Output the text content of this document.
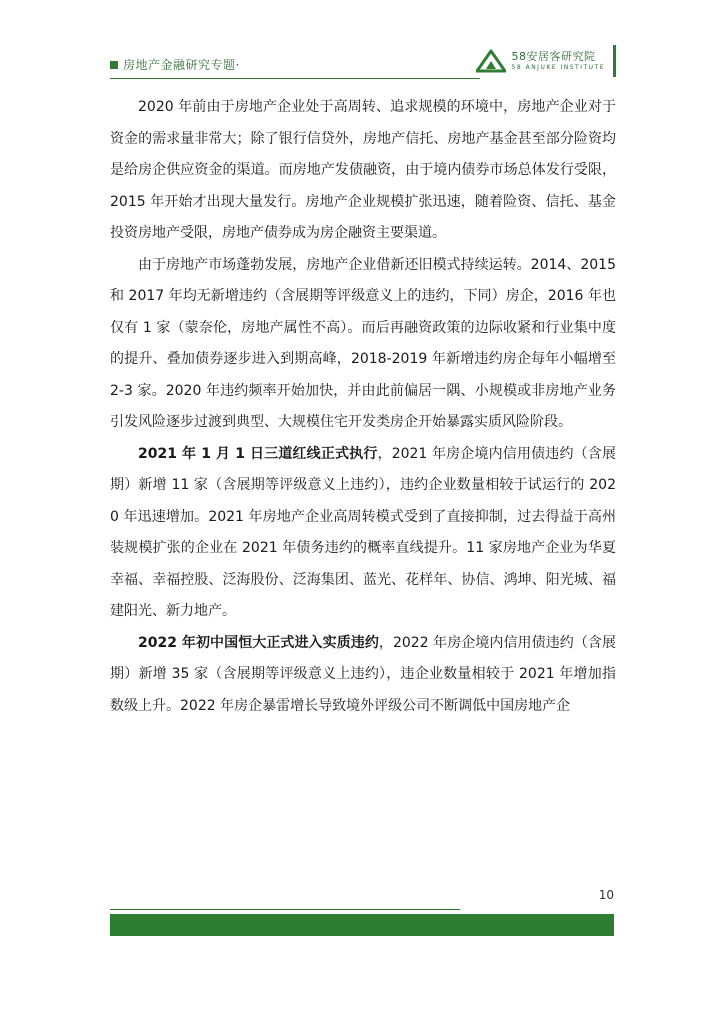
房地产金融研究专题·
58安居客研究院
58 ANJUKE INSTITUTE

2020 年前由于房地产企业处于高周转、追求规模的环境中，房地产企业对于资金的需求量非常大；除了银行信贷外，房地产信托、房地产基金甚至部分险资均是给房企供应资金的渠道。而房地产发债融资，由于境内债券市场总体发行受限，2015 年开始才出现大量发行。房地产企业规模扩张迅速，随着险资、信托、基金投资房地产受限，房地产债券成为房企融资主要渠道。

由于房地产市场蓬勃发展，房地产企业借新还旧模式持续运转。2014、2015 和 2017 年均无新增违约（含展期等评级意义上的违约，下同）房企，2016 年也仅有 1 家（蒙奈伦，房地产属性不高）。而后再融资政策的边际收紧和行业集中度的提升、叠加债券逐步进入到期高峰，2018-2019 年新增违约房企每年小幅增至 2-3 家。2020 年违约频率开始加快，并由此前偏居一隅、小规模或非房地产业务引发风险逐步过渡到典型、大规模住宅开发类房企开始暴露实质风险阶段。

2021 年 1 月 1 日三道红线正式执行，2021 年房企境内信用债违约（含展期）新增 11 家（含展期等评级意义上违约），违约企业数量相较于试运行的 2020 年迅速增加。2021 年房地产企业高周转模式受到了直接抑制，过去得益于高州装规模扩张的企业在 2021 年债务违约的概率直线提升。11 家房地产企业为华夏幸福、幸福控股、泛海股份、泛海集团、蓝光、花样年、协信、鸿坤、阳光城、福建阳光、新力地产。

2022 年初中国恒大正式进入实质违约，2022 年房企境内信用债违约（含展期）新增 35 家（含展期等评级意义上违约），违企业数量相较于 2021 年增加指数级上升。2022 年房企暴雷增长导致境外评级公司不断调低中国房地产企

10
